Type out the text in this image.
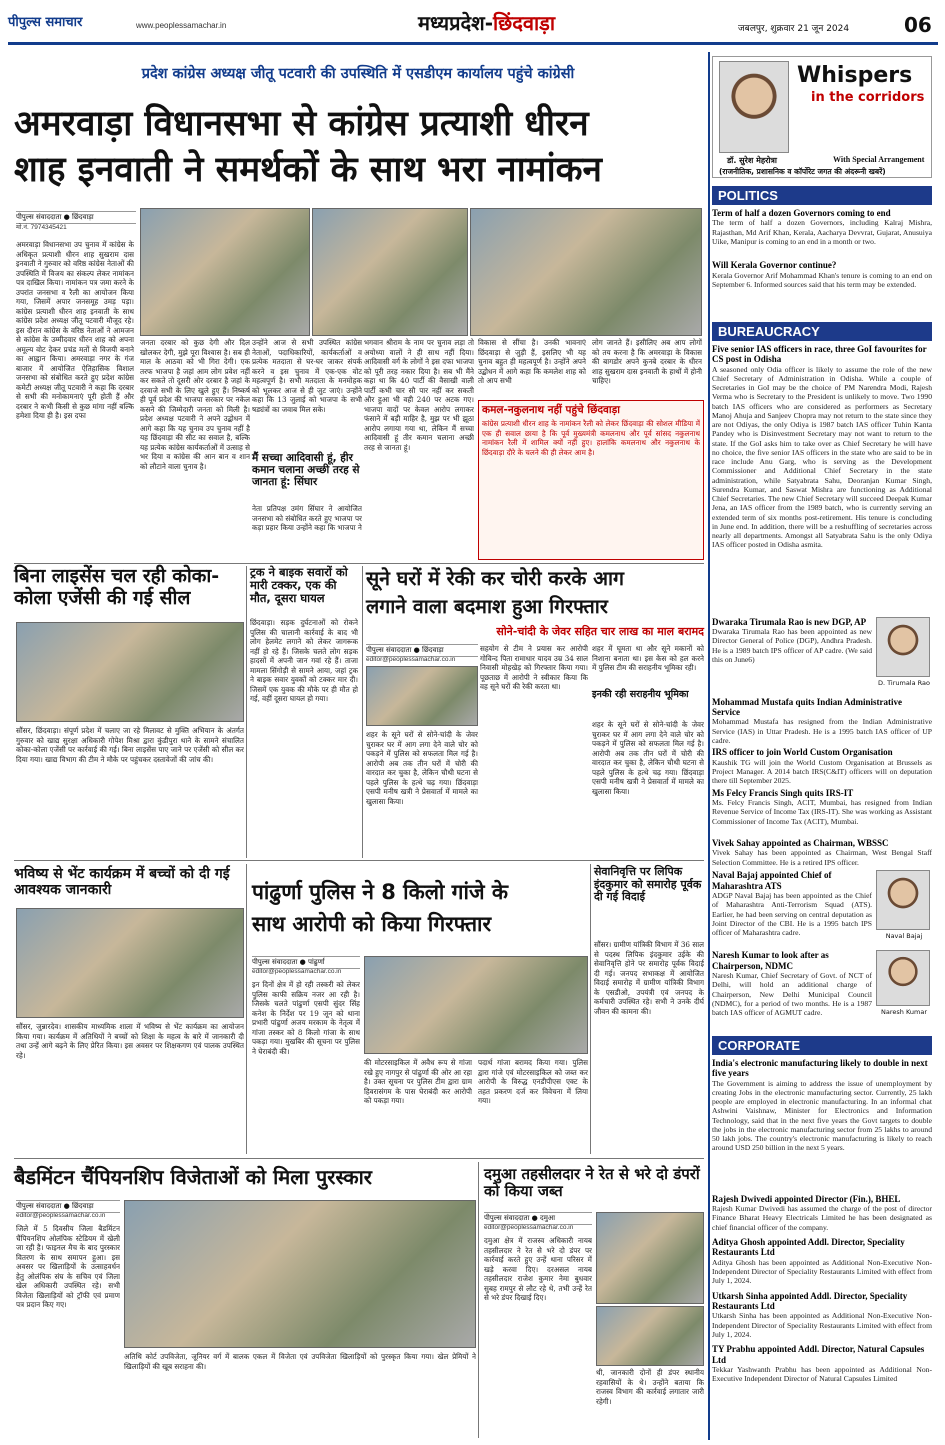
पीपुल्स समाचार	www.peoplessamachar.in	मध्यप्रदेश-छिंदवाड़ा	जबलपुर, शुक्रवार 21 जून 2024	06
प्रदेश कांग्रेस अध्यक्ष जीतू पटवारी की उपस्थिति में एसडीएम कार्यालय पहुंचे कांग्रेसी
अमरवाड़ा विधानसभा से कांग्रेस प्रत्याशी धीरन
शाह इनवाती ने समर्थकों के साथ भरा नामांकन
पीपुल्स संवाददाता ● छिंदवाड़ा
मो.नं. 7974345421
अमरवाड़ा विधानसभा उप चुनाव में कांग्रेस के अधिकृत प्रत्याशी धीरन शाह सुखराम दास इनवाती ने गुरुवार को वरिष्ठ कांग्रेस नेताओं की उपस्थिति में विजय का संकल्प लेकर नामांकन पत्र दाखिल किया। नामांकन पत्र जमा करने के उपरांत जनसभा व रैली का आयोजन किया गया, जिसमें अपार जनसमूह उमड़ पड़ा। कांग्रेस प्रत्याशी धीरन शाह इनवाती के साथ कांग्रेस प्रदेश अध्यक्ष जीतू पटवारी मौजूद रहे। इस दौरान कांग्रेस के वरिष्ठ नेताओं ने आमजन से कांग्रेस के उम्मीदवार धीरन शाह को अपना अमूल्य वोट देकर प्रचंड मतों से विजयी बनाने का आह्वान किया। अमरवाड़ा नगर के गंज बाजार में आयोजित ऐतिहासिक विशाल जनसभा को संबोधित करते हुए प्रदेश कांग्रेस कमेटी अध्यक्ष जीतू पटवारी ने कहा कि दरबार से सभी की मनोकामनाएं पूरी होती हैं और दरबार ने कभी किसी से कुछ मांगा नहीं बल्कि हमेशा दिया ही है। इस दफा
जनता दरबार को कुछ देगी और दिल खोलकर देगी, मुझे पूरा विश्वास है। सब ही माल के आठवा को भी गिरा देगी। एक तरफ भाजपा है जहां आम लोग प्रवेश नहीं कर सकते तो दूसरी ओर दरबार है जहां के दरवाजे सभी के लिए खुले हुए हैं। निष्कर्ष ही पूर्व प्रदेश की भाजपा सरकार पर नकेल कसने की जिम्मेदारी जनता को मिली है। प्रदेश अध्यक्ष पटवारी ने अपने उद्बोधन में आगे कहा कि यह चुनाव उप चुनाव नहीं है यह छिंदवाड़ा की सीट का सवाल है, बल्कि यह प्रत्येक कांग्रेस कार्यकर्ताओं में उत्साह से भर दिया व कांग्रेस की आन बान व शान को लौटाने वाला चुनाव है।
उन्होंने आज से सभी उपस्थित कांग्रेस नेताओं, पदाधिकारियों, कार्यकर्ताओं व प्रत्येक मतदाता से घर-घर जाकर संपर्क करने व इस चुनाव में एक-एक वोट महत्वपूर्ण है। सभी मतदाता के मनमोहक को भूलकर आज से ही जुट जाएं। उन्होंने कहा कि 13 जुलाई को भाजपा के सभी षड्यंत्रों का जवाब मिल सके।
मैं सच्चा आदिवासी हूं, हीर कमान चलाना अच्छी तरह से जानता हूं: सिंघार
नेता प्रतिपक्ष उमंग सिंघार ने आयोजित जनसभा को संबोधित करते हुए भाजपा पर कड़ा प्रहार किया उन्होंने कहा कि भाजपा ने
भगवान श्रीराम के नाम पर चुनाव लड़ा तो अयोध्या वालों ने ही साथ नहीं दिया। आदिवासी वर्ग के लोगों ने इस दफा भाजपा को पूरी तरह नकार दिया है। सब भी मैंने कहा था कि 40 पार्टी की वैसाखी वाली पार्टी कभी चार सौ पार नहीं कर सकती और हुआ भी वही 240 पर अटक गए। भाजपा वादों पर केवल आरोप लगाकर फंसाने में बड़ी माहिर है, मुझ पर भी झूठा आरोप लगाया गया था, लेकिन मैं सच्चा आदिवासी हूं तीर कमान चलाना अच्छी तरह से जानता हूं।
विकास से सींचा है। उनकी भावनाएं छिंदवाड़ा से जुड़ी हैं, इसलिए भी यह चुनाव बहुत ही महत्वपूर्ण है। उन्होंने अपने उद्बोधन में आगे कहा कि कमलेश शाह को तो आप सभी
लोग जानते हैं। इसीलिए अब आप लोगों को तय करना है कि अमरवाड़ा के विकास की बागडोर अपने कुनबे दरबार के धीरन शाह सुखराम दास इनवाती के हाथों में होनी चाहिए।
कमल-नकुलनाथ नहीं पहुंचे छिंदवाड़ा
कांग्रेस प्रत्याशी धीरन शाह के नामांकन रैली को लेकर छिंदवाड़ा की सोशल मीडिया में एक ही सवाल छाया है कि पूर्व मुख्यमंत्री कमलनाथ और पूर्व सांसद नकुलनाथ नामांकन रैली में शामिल क्यों नहीं हुए। हालांकि कमलनाथ और नकुलनाथ के छिंदवाड़ा दौरे के चलने की ही लेकर आम है।
बिना लाइसेंस चल रही कोका-कोला एजेंसी की गई सील
सौंसर, छिंदवाड़ा। संपूर्ण प्रदेश में चलाए जा रहे मिलावट से मुक्ति अभियान के अंतर्गत गुरुवार को खाद्य सुरक्षा अधिकारी गोपेश मिश्रा द्वारा कुंडीपुरा थाने के सामने संचालित कोका-कोला एजेंसी पर कार्रवाई की गई। बिना लाइसेंस पाए जाने पर एजेंसी को सील कर दिया गया। खाद्य विभाग की टीम ने मौके पर पहुंचकर दस्तावेजों की जांच की।
ट्रक ने बाइक सवारों को मारी टक्कर, एक की मौत, दूसरा घायल
छिंदवाड़ा। सड़क दुर्घटनाओं को रोकने पुलिस की चालानी कार्रवाई के बाद भी लोग हेलमेट लगाने को लेकर जागरूक नहीं हो रहे हैं। जिसके चलते लोग सड़क हादसों में अपनी जान गवां रहे हैं। ताजा मामला सिंगोड़ी से सामने आया, जहां ट्रक ने बाइक सवार युवकों को टक्कर मार दी। जिसमें एक युवक की मौके पर ही मौत हो गई, वहीं दूसरा घायल हो गया।
सूने घरों में रेकी कर चोरी करके आग
लगाने वाला बदमाश हुआ गिरफ्तार
सोने-चांदी के जेवर सहित चार लाख का माल बरामद
पीपुल्स संवाददाता ● छिंदवाड़ा
editor@peoplessamachar.co.in
शहर के सूने घरों से सोने-चांदी के जेवर चुराकर घर में आग लगा देने वाले चोर को पकड़ने में पुलिस को सफलता मिल गई है। आरोपी अब तक तीन घरों में चोरी की वारदात कर चुका है, लेकिन चौथी घटना से पहले पुलिस के हत्थे चढ़ गया। छिंदवाड़ा एसपी मनीष खत्री ने प्रेसवार्ता में मामले का खुलासा किया।
सहयोग से टीम ने प्रयास कर आरोपी गोविन्द पिता रामाधार यादव उम्र 34 साल निवासी मोहखेड़ को गिरफ्तार किया गया। पूछताछ में आरोपी ने स्वीकार किया कि वह सूने घरों की रेकी करता था।
शहर में घूमता था और सूने मकानों को निशाना बनाता था। इस केस को हल करने में पुलिस टीम की सराहनीय भूमिका रही।
इनकी रही सराहनीय भूमिका
शहर के सूने घरों से सोने-चांदी के जेवर चुराकर घर में आग लगा देने वाले चोर को पकड़ने में पुलिस को सफलता मिल गई है। आरोपी अब तक तीन घरों में चोरी की वारदात कर चुका है, लेकिन चौथी घटना से पहले पुलिस के हत्थे चढ़ गया। छिंदवाड़ा एसपी मनीष खत्री ने प्रेसवार्ता में मामले का खुलासा किया।
भविष्य से भेंट कार्यक्रम में बच्चों को दी गई आवश्यक जानकारी
सौंसर, जुन्नारदेव। शासकीय माध्यमिक शाला में भविष्य से भेंट कार्यक्रम का आयोजन किया गया। कार्यक्रम में अतिथियों ने बच्चों को शिक्षा के महत्व के बारे में जानकारी दी तथा उन्हें आगे बढ़ने के लिए प्रेरित किया। इस अवसर पर शिक्षकगण एवं पालक उपस्थित रहे।
पांढुर्णा पुलिस ने 8 किलो गांजे के
साथ आरोपी को किया गिरफ्तार
पीपुल्स संवाददाता ● पांढुर्णा
editor@peoplessamachar.co.in
इन दिनों क्षेत्र में हो रही तस्करी को लेकर पुलिस काफी सक्रिय नजर आ रही है। जिसके चलते पांढुर्णा एसपी सुंदर सिंह कनेश के निर्देश पर 19 जून को थाना प्रभारी पांढुर्णा अजय मरकाम के नेतृत्व में गांजा तस्कर को 8 किलो गांजा के साथ पकड़ा गया। मुखबिर की सूचना पर पुलिस ने घेराबंदी की।
की मोटरसाइकिल में अवैध रूप से गांजा रखे हुए नागपुर से पांढुर्णा की ओर आ रहा है। उक्त सूचना पर पुलिस टीम द्वारा ग्राम हिवरासंगम के पास घेराबंदी कर आरोपी को पकड़ा गया।
पदार्थ गांजा बरामद किया गया। पुलिस द्वारा गांजे एवं मोटरसाइकिल को जब्त कर आरोपी के विरुद्ध एनडीपीएस एक्ट के तहत प्रकरण दर्ज कर विवेचना में लिया गया।
सेवानिवृत्ति पर लिपिक इंदकुमार को समारोह पूर्वक दी गई विदाई
सौंसर। ग्रामीण यांत्रिकी विभाग में 36 साल से पदस्थ लिपिक इंदकुमार उईके की सेवानिवृत्ति होने पर समारोह पूर्वक विदाई दी गई। जनपद सभाकक्ष में आयोजित विदाई समारोह में ग्रामीण यांत्रिकी विभाग के एसडीओ, उपयंत्री एवं जनपद के कर्मचारी उपस्थित रहे। सभी ने उनके दीर्घ जीवन की कामना की।
बैडमिंटन चैंपियनशिप विजेताओं को मिला पुरस्कार
पीपुल्स संवाददाता ● छिंदवाड़ा
editor@peoplessamachar.co.in
जिले में 5 दिवसीय जिला बैडमिंटन चैंपियनशिप ओलंपिक स्टेडियम में खेली जा रही है। फाइनल मैच के बाद पुरस्कार वितरण के साथ समापन हुआ। इस अवसर पर खिलाड़ियों के उत्साहवर्धन हेतु ओलंपिक संघ के सचिव एवं जिला खेल अधिकारी उपस्थित रहे। सभी विजेता खिलाड़ियों को ट्रॉफी एवं प्रमाण पत्र प्रदान किए गए।
अतिथि कोर्ट उपविजेता, जूनियर वर्ग में बालक एकल में विजेता एवं उपविजेता खिलाड़ियों को पुरस्कृत किया गया। खेल प्रेमियों ने खिलाड़ियों की खूब सराहना की।
दमुआ तहसीलदार ने रेत से भरे दो डंपरों को किया जब्त
पीपुल्स संवाददाता ● दमुआ
editor@peoplessamachar.co.in
दमुआ क्षेत्र में राजस्व अधिकारी नायब तहसीलदार ने रेत से भरे दो डंपर पर कार्रवाई करते हुए उन्हें थाना परिसर में खड़े करवा दिए। दरअसल नायब तहसीलदार राजेश कुमार नेमा बुधवार सुबह रामपुर से लौट रहे थे, तभी उन्हें रेत से भरे डंपर दिखाई दिए।
थी, जानकारी दोनों ही डंपर स्थानीय रहवासियों के थे। उन्होंने बताया कि राजस्व विभाग की कार्रवाई लगातार जारी रहेगी।
Whispers
in the corridors
डॉ. सुरेश मेहरोत्रा	With Special Arrangement
(राजनीतिक, प्रशासनिक व कॉर्पोरेट जगत की अंदरूनी खबरें)
POLITICS
Term of half a dozen Governors coming to end
The term of half a dozen Governors, including Kalraj Mishra, Rajasthan, Md Arif Khan, Kerala, Aacharya Devvrat, Gujarat, Anusuiya Uike, Manipur is coming to an end in a month or two.
Will Kerala Governor continue?
Kerala Governor Arif Mohammad Khan's tenure is coming to an end on September 6. Informed sources said that his term may be extended.
BUREAUCRACY
Five senior IAS officers in race, three GoI favourites for CS post in Odisha
A seasoned only Odia officer is likely to assume the role of the new Chief Secretary of Administration in Odisha. While a couple of Secretaries in GoI may be the choice of PM Narendra Modi, Rajesh Verma who is Secretary to the President is unlikely to move. Two 1990 batch IAS officers who are considered as performers as Secretary Manoj Ahuja and Sanjeev Chopra may not return to the state since they are not Odiyas, the only Odiya is 1987 batch IAS officer Tuhin Kanta Pandey who is Disinvestment Secretary may not want to return to the state. If the GoI asks him to take over as Chief Secretary he will have no choice, the five senior IAS officers in the state who are said to be in race include Anu Garg, who is serving as the Development Commissioner and Additional Chief Secretary in the state administration, while Satyabrata Sahu, Deoranjan Kumar Singh, Surendra Kumar, and Saswat Mishra are functioning as Additional Chief Secretaries. The new Chief Secretary will succeed Deepak Kumar Jena, an IAS officer from the 1989 batch, who is currently serving an extended term of six months post-retirement. His tenure is concluding in June end. In addition, there will be a reshuffling of secretaries across nearly all departments. Amongst all Satyabrata Sahu is the only Odiya IAS officer posted in Odisha asmita.
Dwaraka Tirumala Rao is new DGP, AP
Dwaraka Tirumala Rao has been appointed as new Director General of Police (DGP), Andhra Pradesh. He is a 1989 batch IPS officer of AP cadre. (We said this on June6)
D. Tirumala Rao
Mohammad Mustafa quits Indian Administrative Service
Mohammad Mustafa has resigned from the Indian Administrative Service (IAS) in Uttar Pradesh. He is a 1995 batch IAS officer of UP cadre.
IRS officer to join World Custom Organisation
Kaushik TG will join the World Custom Organisation at Brussels as Project Manager. A 2014 batch IRS(C&IT) officers will on deputation there till September 2025.
Ms Felcy Francis Singh quits IRS-IT
Ms. Felcy Francis Singh, ACIT, Mumbai, has resigned from Indian Revenue Service of Income Tax (IRS-IT). She was working as Assistant Commissioner of Income Tax (ACIT), Mumbai.
Vivek Sahay appointed as Chairman, WBSSC
Vivek Sahay has been appointed as Chairman, West Bengal Staff Selection Committee. He is a retired IPS officer.
Naval Bajaj appointed Chief of Maharashtra ATS
ADGP Naval Bajaj has been appointed as the Chief of Maharashtra Anti-Terrorism Squad (ATS). Earlier, he had been serving on central deputation as Joint Director of the CBI. He is a 1995 batch IPS officer of Maharashtra cadre.	Naval Bajaj
Naresh Kumar to look after as Chairperson, NDMC
Naresh Kumar, Chief Secretary of Govt. of NCT of Delhi, will hold an additional charge of Chairperson, New Delhi Municipal Council (NDMC), for a period of two months. He is a 1987 batch IAS officer of AGMUT cadre.	Naresh Kumar
CORPORATE
India's electronic manufacturing likely to double in next five years
The Government is aiming to address the issue of unemployment by creating Jobs in the electronic manufacturing sector. Currently, 25 lakh people are employed in electronic manufacturing. In an informal chat Ashwini Vaishnaw, Minister for Electronics and Information Technology, said that in the next five years the Govt targets to double the jobs in the electronic manufacturing sector from 25 lakhs to around 50 lakh jobs. The country's electronic manufacturing is likely to reach around USD 250 billion in the next 5 years.
Rajesh Dwivedi appointed Director (Fin.), BHEL
Rajesh Kumar Dwivedi has assumed the charge of the post of director Finance Bharat Heavy Electricals Limited he has been designated as chief financial officer of the company.
Aditya Ghosh appointed Addl. Director, Speciality Restaurants Ltd
Aditya Ghosh has been appointed as Additional Non-Executive Non-Independent Director of Speciality Restaurants Limited with effect from July 1, 2024.
Utkarsh Sinha appointed Addl. Director, Speciality Restaurants Ltd
Utkarsh Sinha has been appointed as Additional Non-Executive Non-Independent Director of Speciality Restaurants Limited with effect from July 1, 2024.
TY Prabhu appointed Addl. Director, Natural Capsules Ltd
Tekkar Yashwanth Prabhu has been appointed as Additional Non-Executive Independent Director of Natural Capsules Limited
